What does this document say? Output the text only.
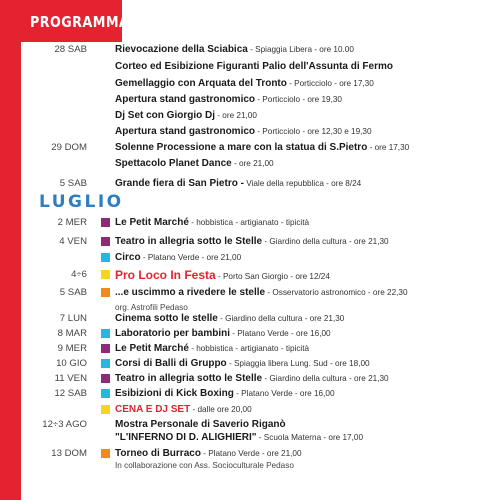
PROGRAMMA
28 SAB	Rievocazione della Sciabica - Spiaggia Libera - ore 10.00
Corteo ed Esibizione Figuranti Palio dell'Assunta di Fermo
Gemellaggio con Arquata del Tronto - Porticciolo - ore 17,30
Apertura stand gastronomico - Porticciolo - ore 19,30
Dj Set con Giorgio Dj - ore 21,00
Apertura stand gastronomico - Porticciolo - ore 12,30 e 19,30
29 DOM	Solenne Processione a mare con la statua di S.Pietro - ore 17,30
Spettacolo Planet Dance - ore 21,00
5 SAB	Grande fiera di San Pietro - Viale della repubblica - ore 8/24
LUGLIO
2 MER	Le Petit Marché - hobbistica - artigianato - tipicità
4 VEN	Teatro in allegria sotto le Stelle - Giardino della cultura - ore 21,30
Circo - Platano Verde - ore 21,00
4÷6 Pro Loco In Festa - Porto San Giorgio - ore 12/24
5 SAB	...e uscimmo a rivedere le stelle - Osservatorio astronomico - ore 22,30
org. Astrofili Pedaso
7 LUN	Cinema sotto le stelle - Giardino della cultura - ore 21,30
8 MAR	Laboratorio per bambini - Platano Verde - ore 16,00
9 MER	Le Petit Marché - hobbistica - artigianato - tipicità
10 GIO	Corsi di Balli di Gruppo - Spiaggia libera Lung. Sud - ore 18,00
11 VEN	Teatro in allegria sotto le Stelle - Giardino della cultura - ore 21,30
12 SAB	Esibizioni di Kick Boxing - Platano Verde - ore 16,00
CENA E DJ SET - dalle ore 20,00
12÷3 AGO	Mostra Personale di Saverio Riganò
"L'INFERNO DI D. ALIGHIERI" - Scuola Materna - ore 17,00
13 DOM	Torneo di Burraco - Platano Verde - ore 21,00
In collaborazione con Ass. Socioculturale Pedaso
